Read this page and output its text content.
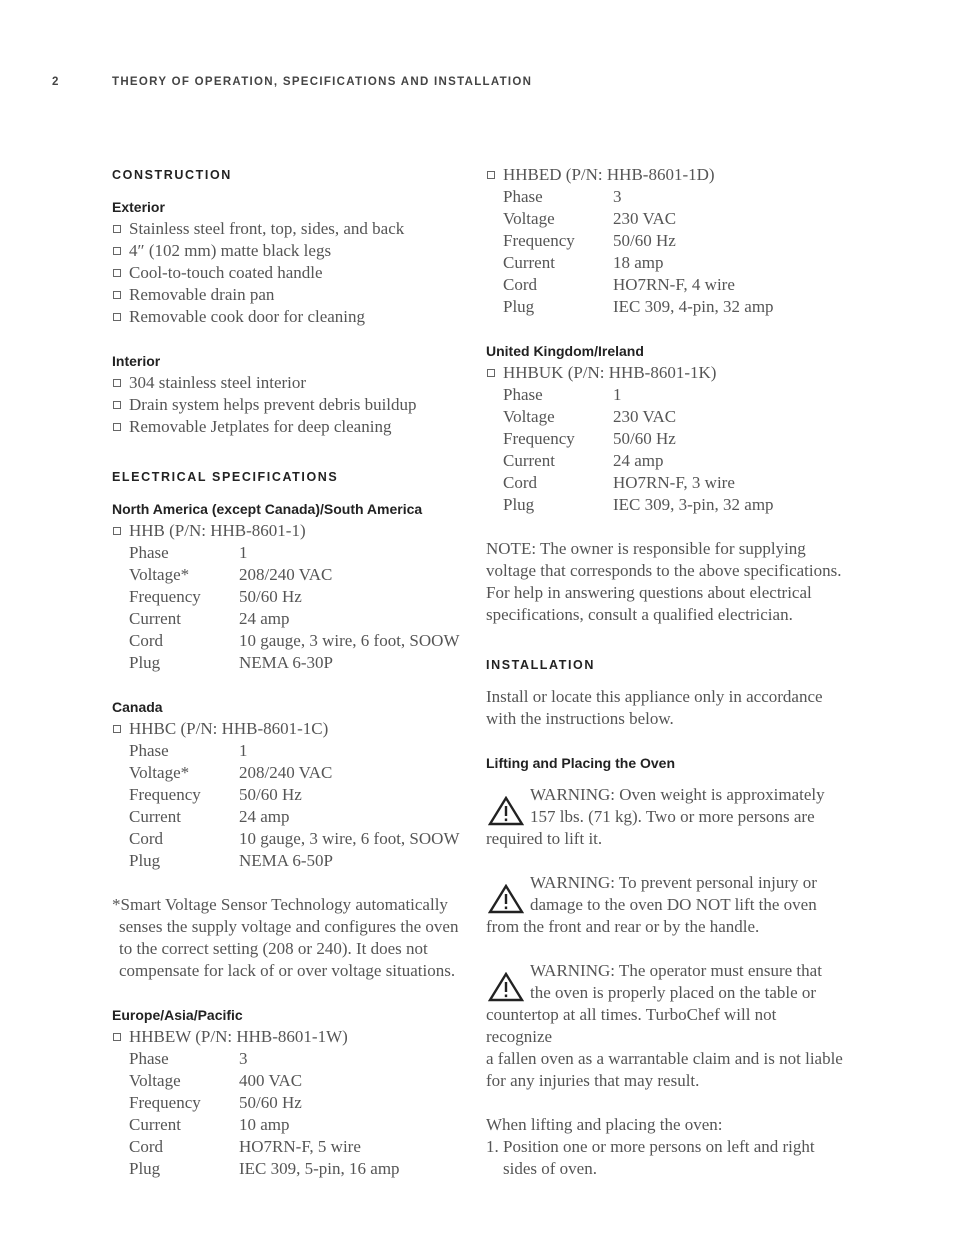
2	THEORY OF OPERATION, SPECIFICATIONS AND INSTALLATION
CONSTRUCTION
Exterior
Stainless steel front, top, sides, and back
4″ (102 mm) matte black legs
Cool-to-touch coated handle
Removable drain pan
Removable cook door for cleaning
Interior
304 stainless steel interior
Drain system helps prevent debris buildup
Removable Jetplates for deep cleaning
ELECTRICAL SPECIFICATIONS
North America (except Canada)/South America
HHB (P/N: HHB-8601-1)
Phase	1
Voltage*	208/240 VAC
Frequency	50/60 Hz
Current	24 amp
Cord	10 gauge, 3 wire, 6 foot, SOOW
Plug	NEMA 6-30P
Canada
HHBC (P/N: HHB-8601-1C)
Phase	1
Voltage*	208/240 VAC
Frequency	50/60 Hz
Current	24 amp
Cord	10 gauge, 3 wire, 6 foot, SOOW
Plug	NEMA 6-50P
*Smart Voltage Sensor Technology automatically senses the supply voltage and configures the oven to the correct setting (208 or 240). It does not compensate for lack of or over voltage situations.
Europe/Asia/Pacific
HHBEW (P/N: HHB-8601-1W)
Phase	3
Voltage	400 VAC
Frequency	50/60 Hz
Current	10 amp
Cord	HO7RN-F, 5 wire
Plug	IEC 309, 5-pin, 16 amp
HHBED (P/N: HHB-8601-1D)
Phase	3
Voltage	230 VAC
Frequency	50/60 Hz
Current	18 amp
Cord	HO7RN-F, 4 wire
Plug	IEC 309, 4-pin, 32 amp
United Kingdom/Ireland
HHBUK (P/N: HHB-8601-1K)
Phase	1
Voltage	230 VAC
Frequency	50/60 Hz
Current	24 amp
Cord	HO7RN-F, 3 wire
Plug	IEC 309, 3-pin, 32 amp
NOTE: The owner is responsible for supplying voltage that corresponds to the above specifications. For help in answering questions about electrical specifications, consult a qualified electrician.
INSTALLATION
Install or locate this appliance only in accordance with the instructions below.
Lifting and Placing the Oven
WARNING: Oven weight is approximately
157 lbs. (71 kg). Two or more persons are
required to lift it.
WARNING: To prevent personal injury or
damage to the oven DO NOT lift the oven
from the front and rear or by the handle.
WARNING: The operator must ensure that
the oven is properly placed on the table or
countertop at all times. TurboChef will not recognize
a fallen oven as a warrantable claim and is not liable
for any injuries that may result.
When lifting and placing the oven:
1. Position one or more persons on left and right sides of oven.
